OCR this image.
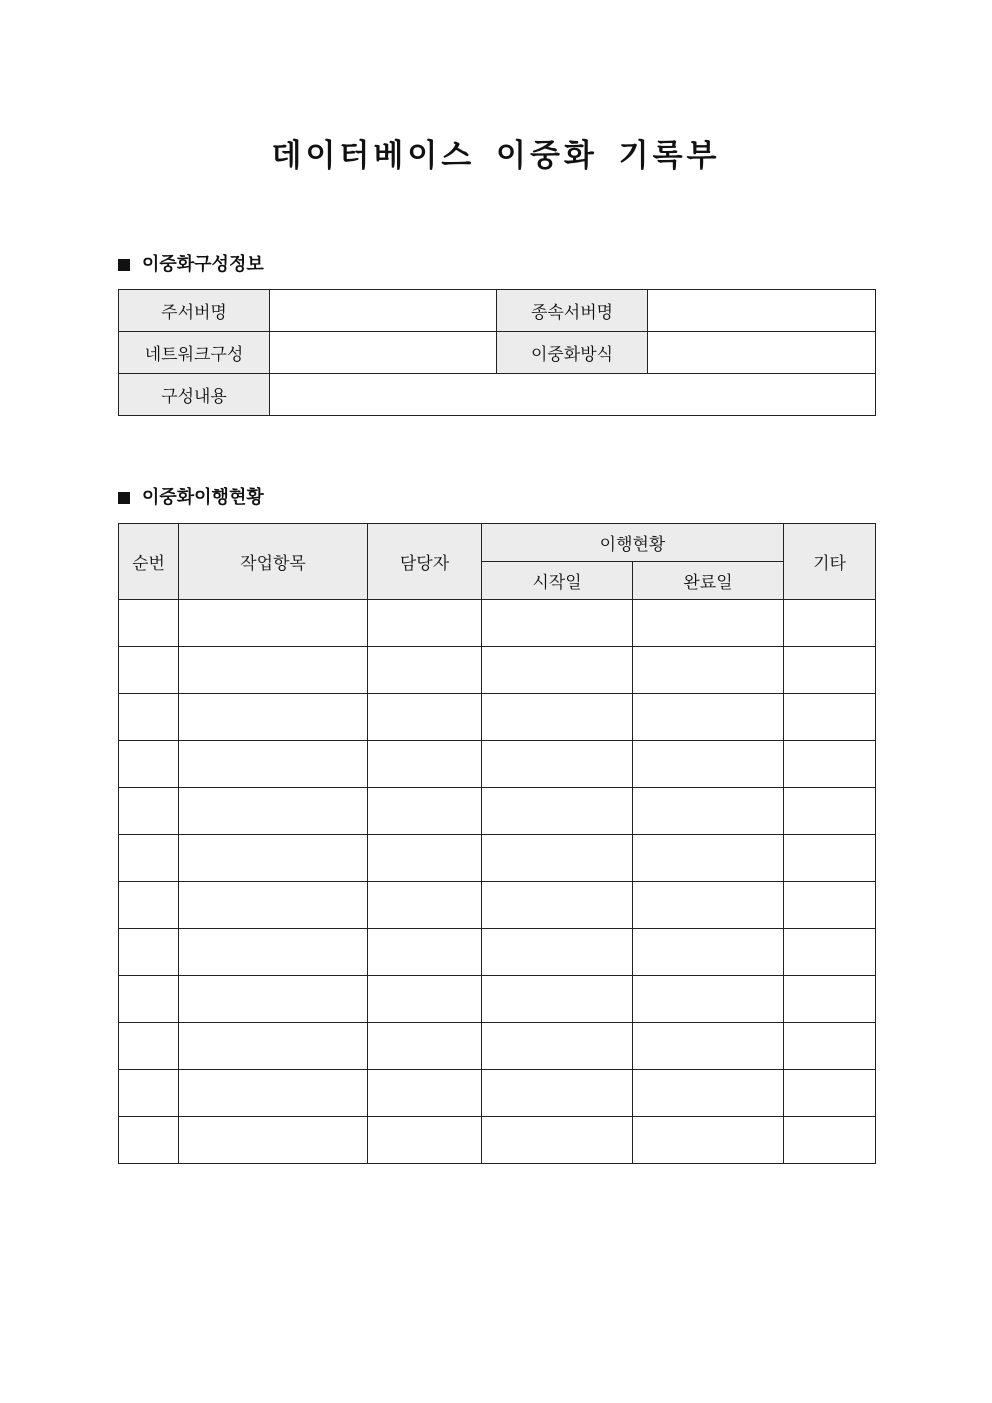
데이터베이스 이중화 기록부
이중화구성정보
주서버명		종속서버명	
네트워크구성		이중화방식	
구성내용			
이중화이행현황
순번	작업항목	담당자	이행현황		기타
			시작일	완료일	
